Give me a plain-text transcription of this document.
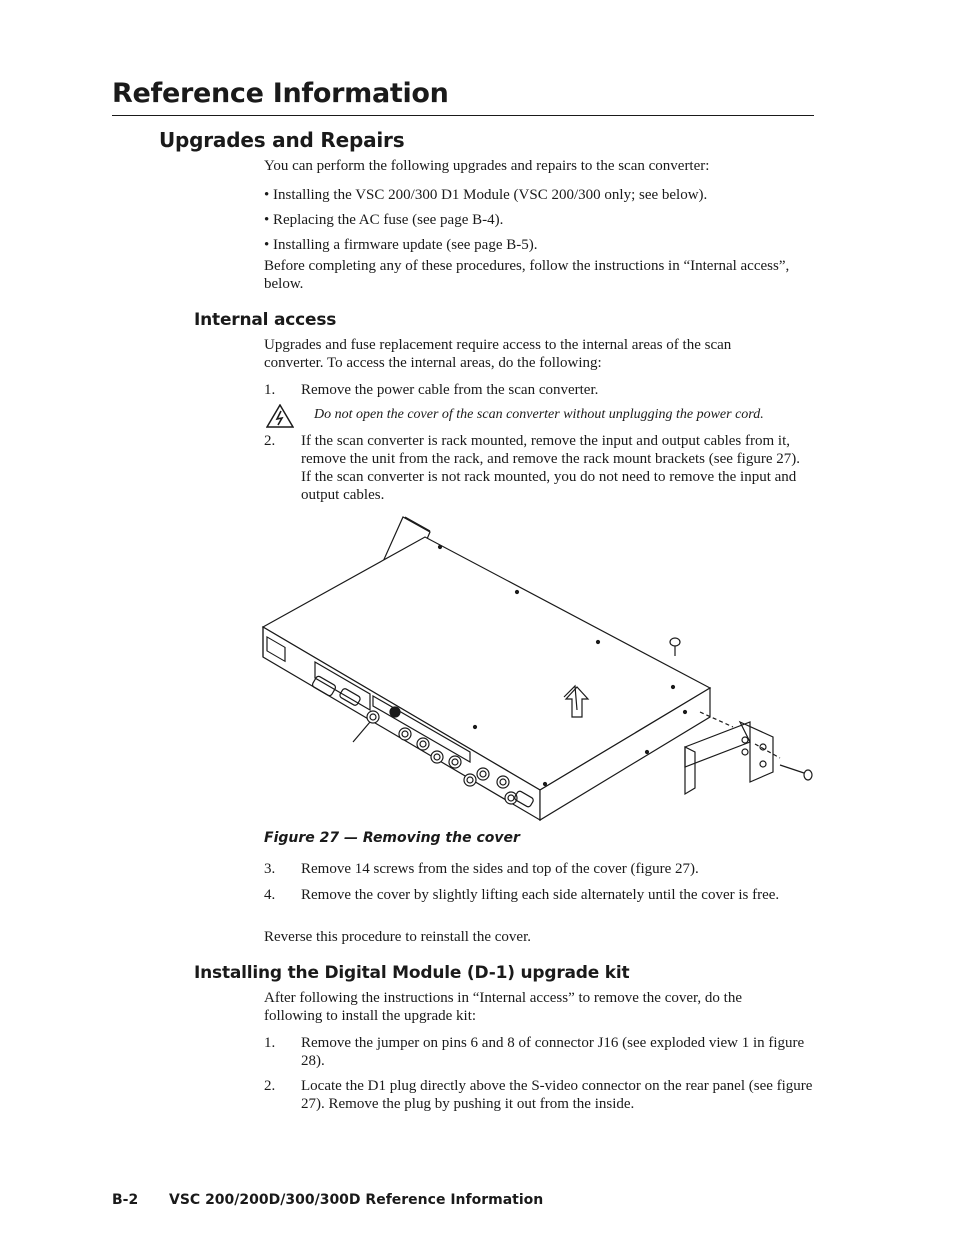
Reference Information
Upgrades and Repairs
You can perform the following upgrades and repairs to the scan converter:
• Installing the VSC 200/300 D1 Module (VSC 200/300 only; see below).
• Replacing the AC fuse (see page B-4).
• Installing a firmware update (see page B-5).
Before completing any of these procedures, follow the instructions in “Internal access”, below.
Internal access
Upgrades and fuse replacement require access to the internal areas of the scan converter. To access the internal areas, do the following:
1. Remove the power cable from the scan converter.
Do not open the cover of the scan converter without unplugging the power cord.
2. If the scan converter is rack mounted, remove the input and output cables from it, remove the unit from the rack, and remove the rack mount brackets (see figure 27). If the scan converter is not rack mounted, you do not need to remove the input and output cables.
Figure 27 — Removing the cover
3. Remove 14 screws from the sides and top of the cover (figure 27).
4. Remove the cover by slightly lifting each side alternately until the cover is free.
Reverse this procedure to reinstall the cover.
Installing the Digital Module (D-1) upgrade kit
After following the instructions in “Internal access” to remove the cover, do the following to install the upgrade kit:
1. Remove the jumper on pins 6 and 8 of connector J16 (see exploded view 1 in figure 28).
2. Locate the D1 plug directly above the S-video connector on the rear panel (see figure 27). Remove the plug by pushing it out from the inside.
B-2 VSC 200/200D/300/300D Reference Information
